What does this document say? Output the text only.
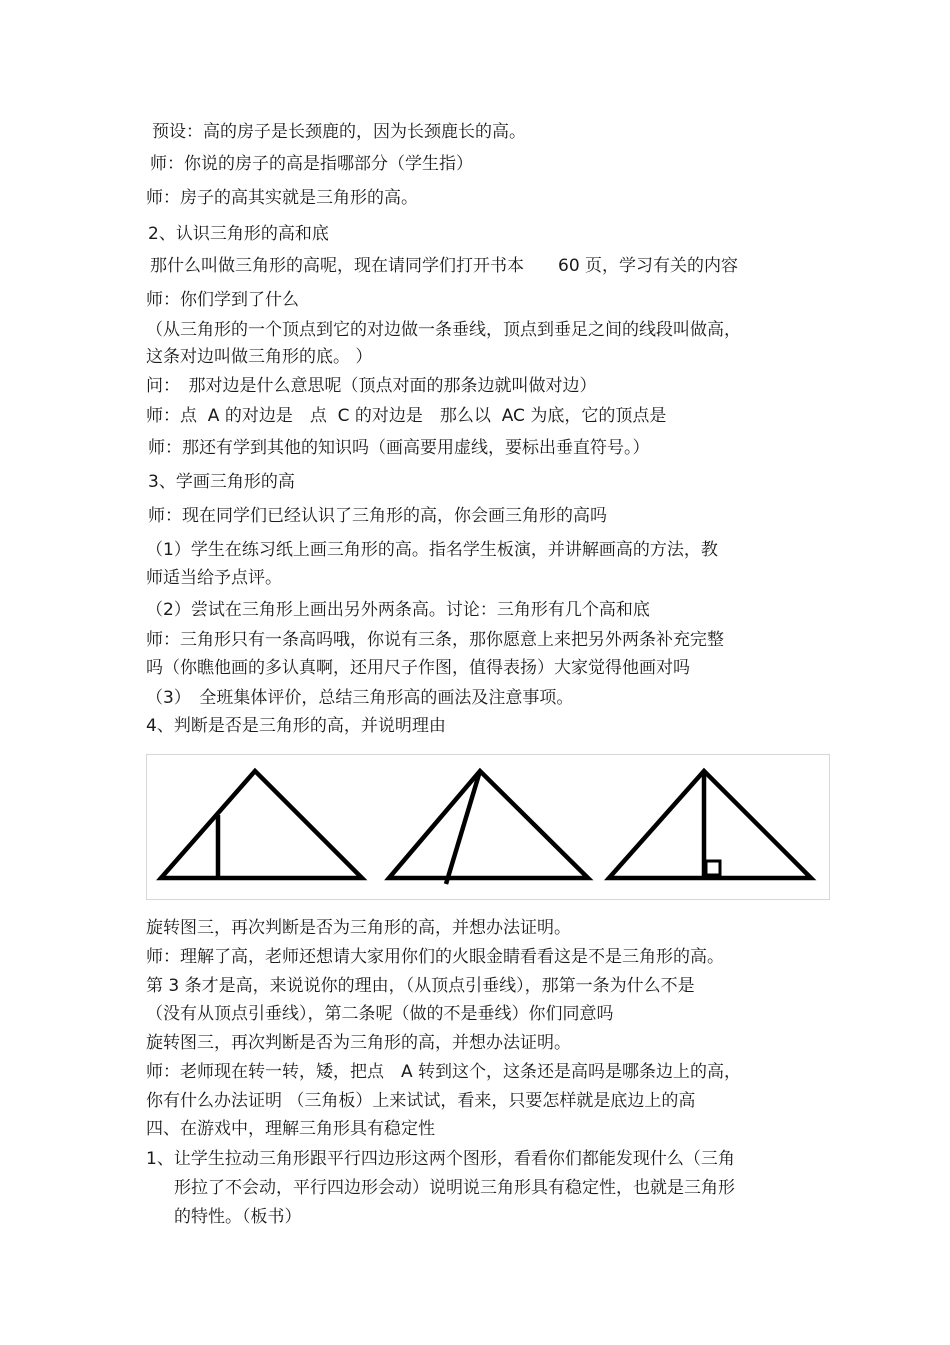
预设：高的房子是长颈鹿的，因为长颈鹿长的高。

师：你说的房子的高是指哪部分（学生指）

师：房子的高其实就是三角形的高。

2、认识三角形的高和底

那什么叫做三角形的高呢，现在请同学们打开书本　　60 页，学习有关的内容

师：你们学到了什么

（从三角形的一个顶点到它的对边做一条垂线，顶点到垂足之间的线段叫做高，

这条对边叫做三角形的底。 ）

问：　那对边是什么意思呢（顶点对面的那条边就叫做对边）

师：点  A 的对边是　点  C 的对边是　那么以  AC 为底，它的顶点是

师：那还有学到其他的知识吗（画高要用虚线，要标出垂直符号。）

3、学画三角形的高

师：现在同学们已经认识了三角形的高，你会画三角形的高吗

（1）学生在练习纸上画三角形的高。指名学生板演，并讲解画高的方法，教

师适当给予点评。

（2）尝试在三角形上画出另外两条高。讨论：三角形有几个高和底

师：三角形只有一条高吗哦，你说有三条，那你愿意上来把另外两条补充完整

吗（你瞧他画的多认真啊，还用尺子作图，值得表扬）大家觉得他画对吗

（3）　全班集体评价，总结三角形高的画法及注意事项。

4、判断是否是三角形的高，并说明理由

旋转图三，再次判断是否为三角形的高，并想办法证明。

师：理解了高，老师还想请大家用你们的火眼金睛看看这是不是三角形的高。

第 3 条才是高，来说说你的理由，（从顶点引垂线），那第一条为什么不是

（没有从顶点引垂线），第二条呢（做的不是垂线）你们同意吗

旋转图三，再次判断是否为三角形的高，并想办法证明。

师：老师现在转一转，矮，把点　A 转到这个，这条还是高吗是哪条边上的高，

你有什么办法证明 （三角板）上来试试，看来，只要怎样就是底边上的高

四、在游戏中，理解三角形具有稳定性

1、让学生拉动三角形跟平行四边形这两个图形，看看你们都能发现什么（三角

形拉了不会动，平行四边形会动）说明说三角形具有稳定性，也就是三角形

的特性。（板书）
